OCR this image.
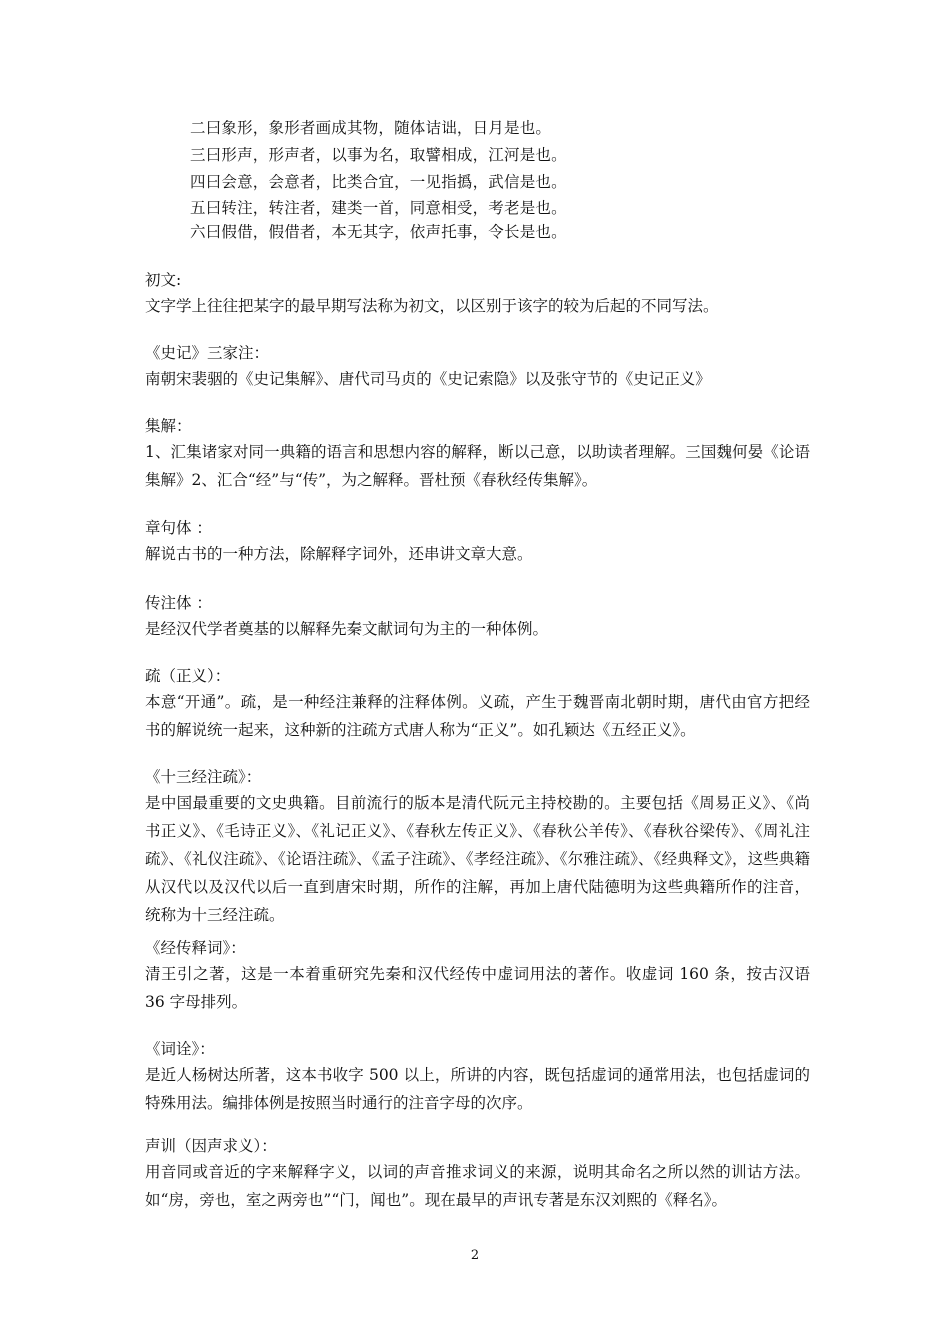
二曰象形，象形者画成其物，随体诘诎，日月是也。
三曰形声，形声者，以事为名，取譬相成，江河是也。
四曰会意，会意者，比类合宜，一见指撝，武信是也。
五曰转注，转注者，建类一首，同意相受，考老是也。
六曰假借，假借者，本无其字，依声托事，令长是也。
初文:
文字学上往往把某字的最早期写法称为初文，以区别于该字的较为后起的不同写法。
《史记》三家注：
南朝宋裴骃的《史记集解》、唐代司马贞的《史记索隐》以及张守节的《史记正义》
集解：
1、汇集诸家对同一典籍的语言和思想内容的解释，断以己意，以助读者理解。三国魏何晏《论语集解》2、汇合“经”与“传”，为之解释。晋杜预《春秋经传集解》。
章句体 ：
解说古书的一种方法，除解释字词外，还串讲文章大意。
传注体 ：
是经汉代学者奠基的以解释先秦文献词句为主的一种体例。
疏（正义）：
本意“开通”。疏，是一种经注兼释的注释体例。义疏，产生于魏晋南北朝时期，唐代由官方把经书的解说统一起来，这种新的注疏方式唐人称为“正义”。如孔颖达《五经正义》。
《十三经注疏》：
是中国最重要的文史典籍。目前流行的版本是清代阮元主持校勘的。主要包括《周易正义》、《尚书正义》、《毛诗正义》、《礼记正义》、《春秋左传正义》、《春秋公羊传》、《春秋谷梁传》、《周礼注疏》、《礼仪注疏》、《论语注疏》、《孟子注疏》、《孝经注疏》、《尔雅注疏》、《经典释文》，这些典籍从汉代以及汉代以后一直到唐宋时期，所作的注解，再加上唐代陆德明为这些典籍所作的注音，统称为十三经注疏。
《经传释词》：
清王引之著，这是一本着重研究先秦和汉代经传中虚词用法的著作。收虚词 160 条，按古汉语 36 字母排列。
《词诠》：
是近人杨树达所著，这本书收字 500 以上，所讲的内容，既包括虚词的通常用法，也包括虚词的特殊用法。编排体例是按照当时通行的注音字母的次序。
声训（因声求义）：
用音同或音近的字来解释字义，以词的声音推求词义的来源，说明其命名之所以然的训诂方法。如“房，旁也，室之两旁也”“门，闻也”。现在最早的声讯专著是东汉刘熙的《释名》。
2
